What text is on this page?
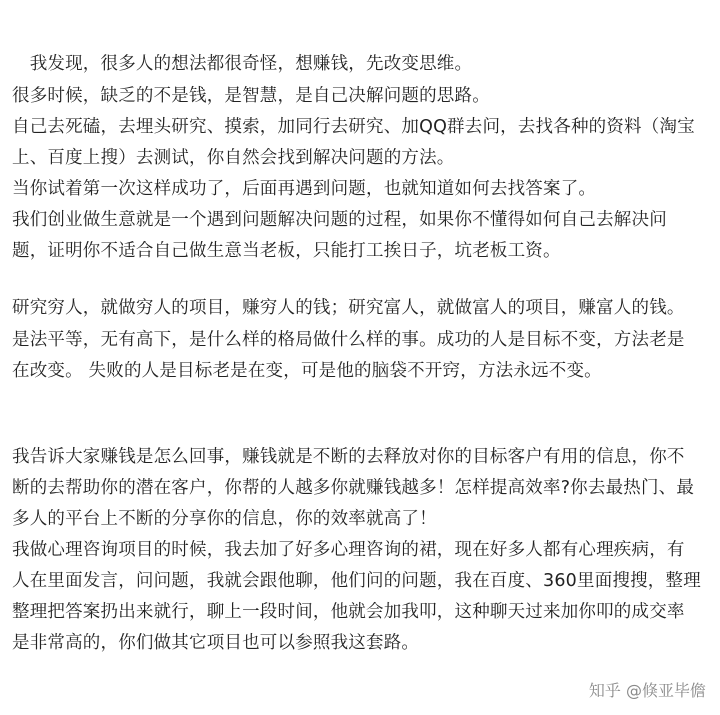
　我发现，很多人的想法都很奇怪，想赚钱，先改变思维。
很多时候，缺乏的不是钱，是智慧，是自己决解问题的思路。
自己去死磕，去埋头研究、摸索，加同行去研究、加QQ群去问，去找各种的资料（淘宝
上、百度上搜）去测试，你自然会找到解决问题的方法。
当你试着第一次这样成功了，后面再遇到问题，也就知道如何去找答案了。
我们创业做生意就是一个遇到问题解决问题的过程，如果你不懂得如何自己去解决问
题，证明你不适合自己做生意当老板，只能打工挨日子，坑老板工资。
研究穷人，就做穷人的项目，赚穷人的钱；研究富人，就做富人的项目，赚富人的钱。
是法平等，无有高下，是什么样的格局做什么样的事。成功的人是目标不变，方法老是
在改变。 失败的人是目标老是在变，可是他的脑袋不开窍，方法永远不变。
我告诉大家赚钱是怎么回事，赚钱就是不断的去释放对你的目标客户有用的信息，你不
断的去帮助你的潜在客户，你帮的人越多你就赚钱越多！怎样提高效率?你去最热门、最
多人的平台上不断的分享你的信息，你的效率就高了！
我做心理咨询项目的时候，我去加了好多心理咨询的裙，现在好多人都有心理疾病，有
人在里面发言，问问题，我就会跟他聊，他们问的问题，我在百度、360里面搜搜，整理
整理把答案扔出来就行，聊上一段时间，他就会加我叩，这种聊天过来加你叩的成交率
是非常高的，你们做其它项目也可以参照我这套路。
知乎 @倏亚毕儋
